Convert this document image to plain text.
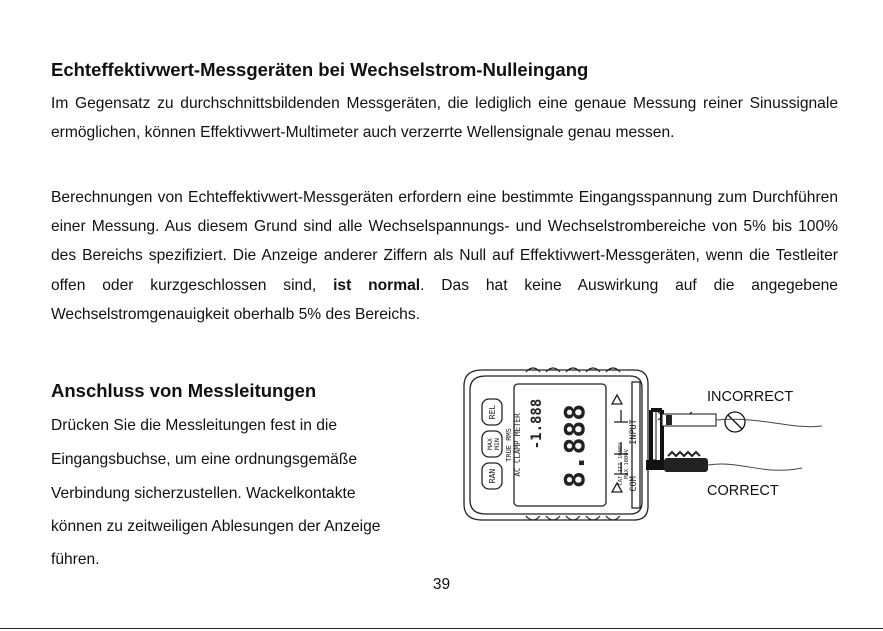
Echteffektivwert-Messgeräten bei Wechselstrom-Nulleingang

Im Gegensatz zu durchschnittsbildenden Messgeräten, die lediglich eine genaue Messung reiner Sinussignale ermöglichen, können Effektivwert-Multimeter auch verzerrte Wellensignale genau messen.

Berechnungen von Echteffektivwert-Messgeräten erfordern eine bestimmte Eingangsspannung zum Durchführen einer Messung. Aus diesem Grund sind alle Wechselspannungs- und Wechselstrombereiche von 5% bis 100% des Bereichs spezifiziert. Die Anzeige anderer Ziffern als Null auf Effektivwert-Messgeräten, wenn die Testleiter offen oder kurzgeschlossen sind, ist normal. Das hat keine Auswirkung auf die angegebene Wechselstromgenauigkeit oberhalb 5% des Bereichs.

Anschluss von Messleitungen

Drücken Sie die Messleitungen fest in die

Eingangsbuchse, um eine ordnungsgemäße

Verbindung sicherzustellen. Wackelkontakte

können zu zeitweiligen Ablesungen der Anzeige

führen.

REL
MAX MIN
RAN
TRUE RMS AC CLAMP METER -1.888 8.888	INPUT
COM
CAT.III 1000V MAX 1000V
INCORRECT
CORRECT
39
